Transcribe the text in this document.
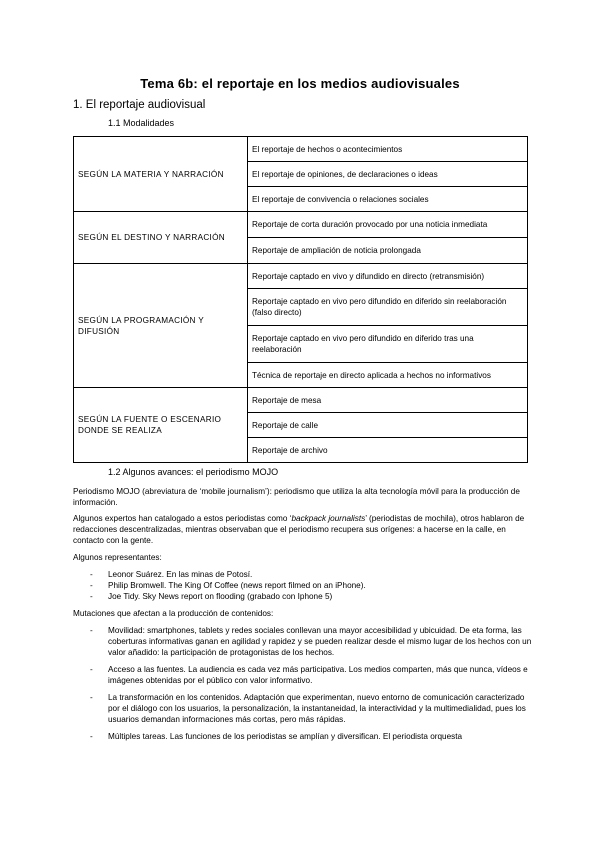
Tema 6b: el reportaje en los medios audiovisuales
1. El reportaje audiovisual
1.1 Modalidades
SEGÚN LA MATERIA Y NARRACIÓN	El reportaje de hechos o acontecimientos
	El reportaje de opiniones, de declaraciones o ideas
	El reportaje de convivencia o relaciones sociales
SEGÚN EL DESTINO Y NARRACIÓN	Reportaje de corta duración provocado por una noticia inmediata
	Reportaje de ampliación de noticia prolongada
SEGÚN LA PROGRAMACIÓN Y DIFUSIÓN	Reportaje captado en vivo y difundido en directo (retransmisión)
	Reportaje captado en vivo pero difundido en diferido sin reelaboración (falso directo)
	Reportaje captado en vivo pero difundido en diferido tras una reelaboración
	Técnica de reportaje en directo aplicada a hechos no informativos
SEGÚN LA FUENTE O ESCENARIO DONDE SE REALIZA	Reportaje de mesa
	Reportaje de calle
	Reportaje de archivo
1.2 Algunos avances: el periodismo MOJO
Periodismo MOJO (abreviatura de ‘mobile journalism’): periodismo que utiliza la alta tecnología móvil para la producción de información.
Algunos expertos han catalogado a estos periodistas como ‘backpack journalists’ (periodistas de mochila), otros hablaron de redacciones descentralizadas, mientras observaban que el periodismo recupera sus orígenes: a hacerse en la calle, en contacto con la gente.
Algunos representantes:
- Leonor Suárez. En las minas de Potosí.
- Philip Bromwell. The King Of Coffee (news report filmed on an iPhone).
- Joe Tidy. Sky News report on flooding (grabado con Iphone 5)
Mutaciones que afectan a la producción de contenidos:
- Movilidad: smartphones, tablets y redes sociales conllevan una mayor accesibilidad y ubicuidad. De eta forma, las coberturas informativas ganan en agilidad y rapidez y se pueden realizar desde el mismo lugar de los hechos con un valor añadido: la participación de protagonistas de los hechos.
- Acceso a las fuentes. La audiencia es cada vez más participativa. Los medios comparten, más que nunca, vídeos e imágenes obtenidas por el público con valor informativo.
- La transformación en los contenidos. Adaptación que experimentan, nuevo entorno de comunicación caracterizado por el diálogo con los usuarios, la personalización, la instantaneidad, la interactividad y la multimedialidad, pues los usuarios demandan informaciones más cortas, pero más rápidas.
- Múltiples tareas. Las funciones de los periodistas se amplían y diversifican. El periodista orquesta
